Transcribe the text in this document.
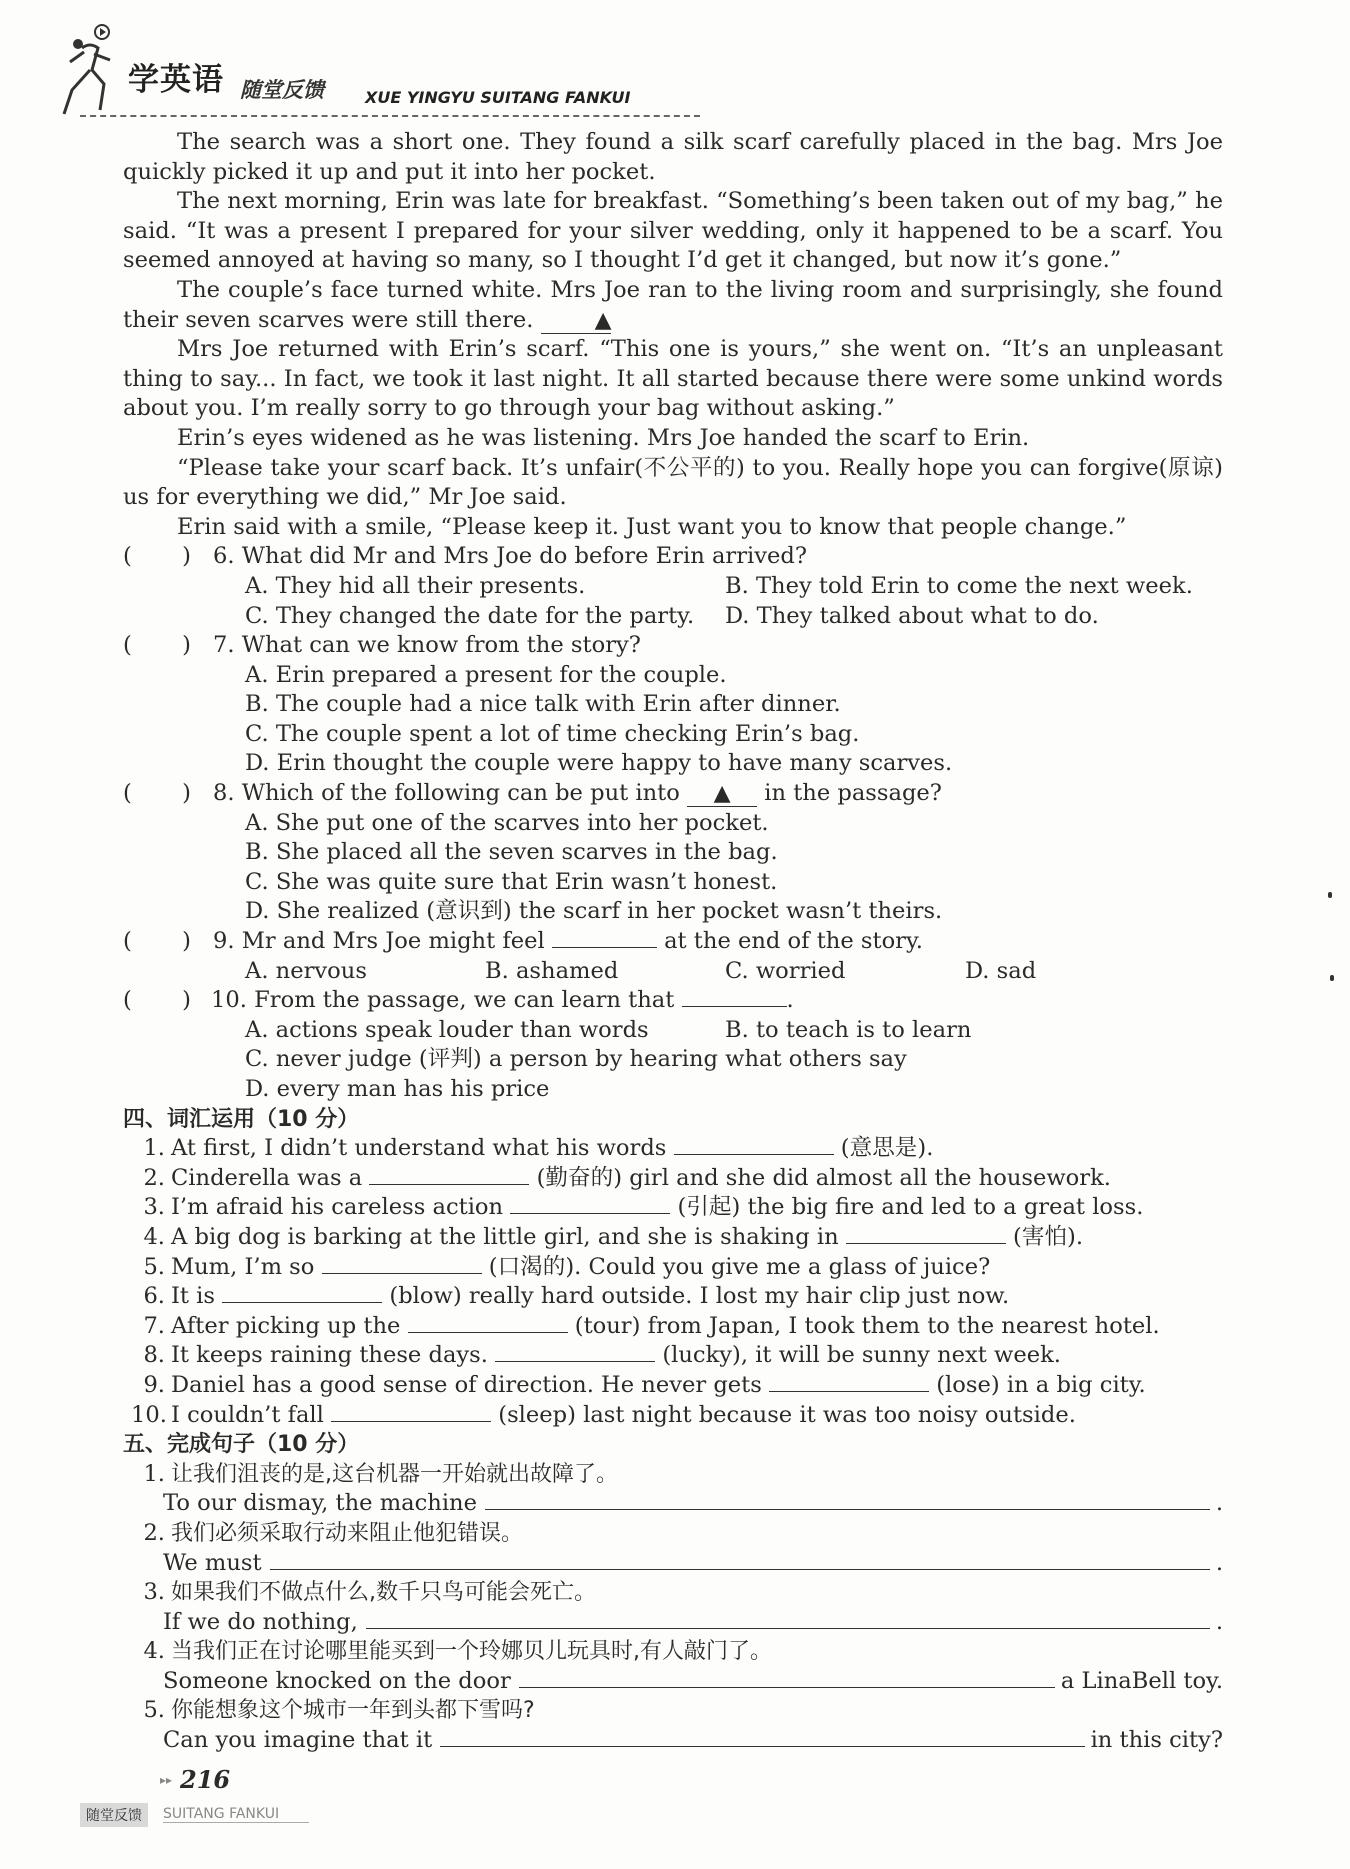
学英语 随堂反馈	XUE YINGYU SUITANG FANKUI

The search was a short one. They found a silk scarf carefully placed in the bag. Mrs Joe quickly picked it up and put it into her pocket.

The next morning, Erin was late for breakfast. “Something’s been taken out of my bag,” he said. “It was a present I prepared for your silver wedding, only it happened to be a scarf. You seemed annoyed at having so many, so I thought I’d get it changed, but now it’s gone.”

The couple’s face turned white. Mrs Joe ran to the living room and surprisingly, she found their seven scarves were still there.	▲

Mrs Joe returned with Erin’s scarf. “This one is yours,” she went on. “It’s an unpleasant thing to say... In fact, we took it last night. It all started because there were some unkind words about you. I’m really sorry to go through your bag without asking.”

Erin’s eyes widened as he was listening. Mrs Joe handed the scarf to Erin.

“Please take your scarf back. It’s unfair(不公平的) to you. Really hope you can forgive(原谅) us for everything we did,” Mr Joe said.

Erin said with a smile, “Please keep it. Just want you to know that people change.”

( ) 6. What did Mr and Mrs Joe do before Erin arrived?

A. They hid all their presents.	B. They told Erin to come the next week.
C. They changed the date for the party.	D. They talked about what to do.

( ) 7. What can we know from the story?

A. Erin prepared a present for the couple.

B. The couple had a nice talk with Erin after dinner.

C. The couple spent a lot of time checking Erin’s bag.

D. Erin thought the couple were happy to have many scarves.

( ) 8. Which of the following can be put into ▲ in the passage?

A. She put one of the scarves into her pocket.

B. She placed all the seven scarves in the bag.

C. She was quite sure that Erin wasn’t honest.

D. She realized (意识到) the scarf in her pocket wasn’t theirs.

( ) 9. Mr and Mrs Joe might feel	at the end of the story.

A. nervous	B. ashamed	C. worried	D. sad

( ) 10. From the passage, we can learn that	.

A. actions speak louder than words	B. to teach is to learn

C. never judge (评判) a person by hearing what others say

D. every man has his price

四、词汇运用（10 分）

1. At first, I didn’t understand what his words	(意思是).

2. Cinderella was a	(勤奋的) girl and she did almost all the housework.

3. I’m afraid his careless action	(引起) the big fire and led to a great loss.

4. A big dog is barking at the little girl, and she is shaking in	(害怕).

5. Mum, I’m so	(口渴的). Could you give me a glass of juice?

6. It is	(blow) really hard outside. I lost my hair clip just now.

7. After picking up the	(tour) from Japan, I took them to the nearest hotel.

8. It keeps raining these days.	(lucky), it will be sunny next week.

9. Daniel has a good sense of direction. He never gets	(lose) in a big city.

10. I couldn’t fall	(sleep) last night because it was too noisy outside.

五、完成句子（10 分）

1. 让我们沮丧的是,这台机器一开始就出故障了。

To our dismay, the machine	.

2. 我们必须采取行动来阻止他犯错误。

We must	.

3. 如果我们不做点什么,数千只鸟可能会死亡。

If we do nothing,	.

4. 当我们正在讨论哪里能买到一个玲娜贝儿玩具时,有人敲门了。

Someone knocked on the door	a LinaBell toy.

5. 你能想象这个城市一年到头都下雪吗?

Can you imagine that it	in this city?
▸▸ 216
随堂反馈	SUITANG FANKUI
